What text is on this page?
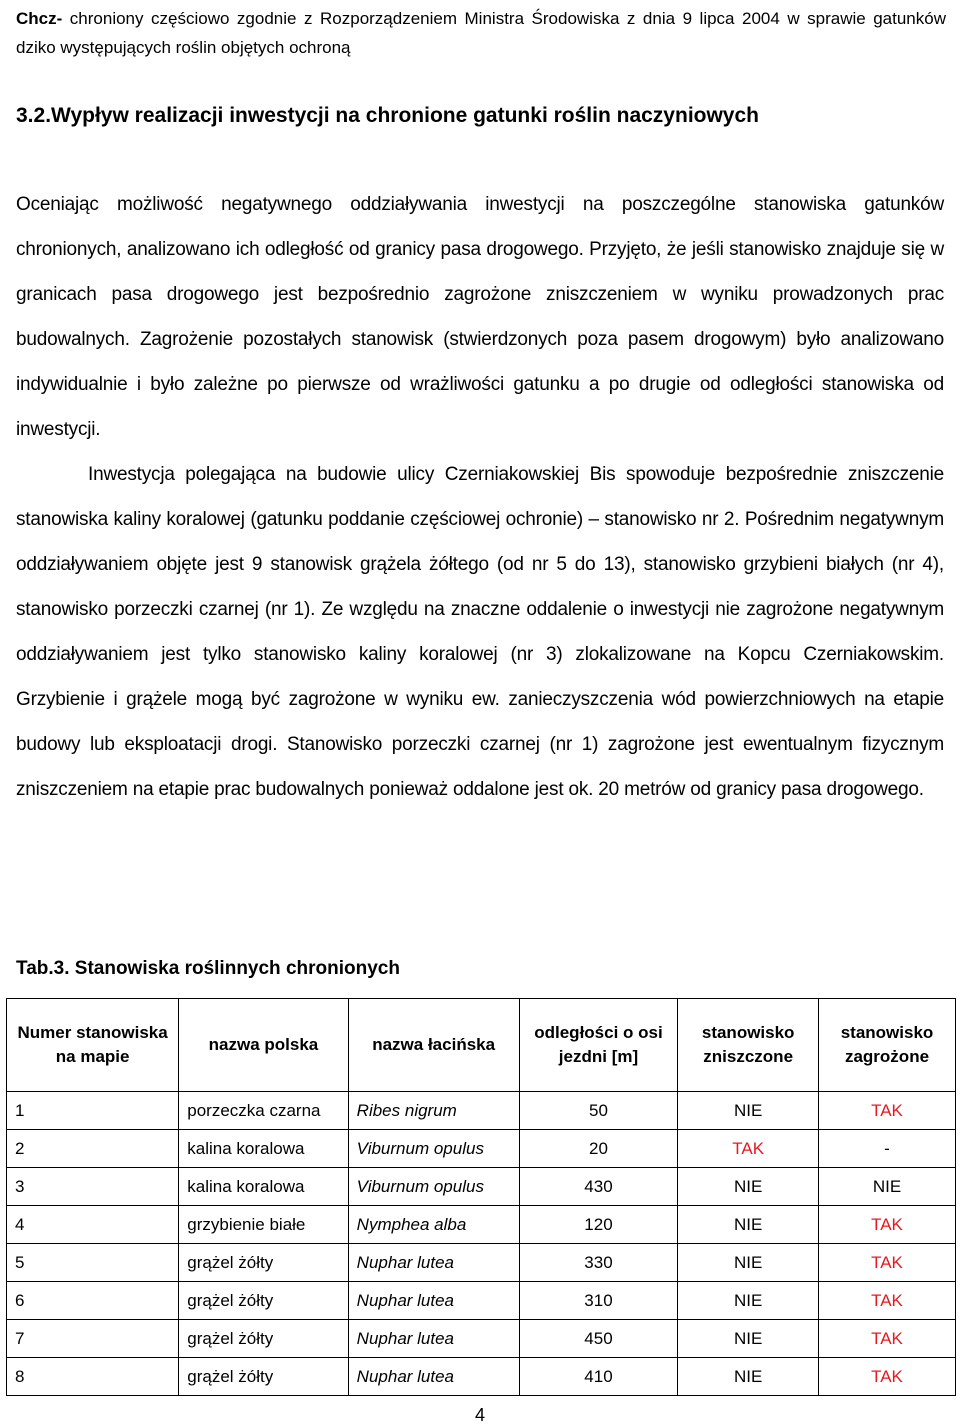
Chcz- chroniony częściowo zgodnie z Rozporządzeniem Ministra Środowiska z dnia 9 lipca 2004 w sprawie gatunków dziko występujących roślin objętych ochroną
3.2.Wypływ realizacji inwestycji na chronione gatunki roślin naczyniowych

Oceniając możliwość negatywnego oddziaływania inwestycji na poszczególne stanowiska gatunków chronionych, analizowano ich odległość od granicy pasa drogowego. Przyjęto, że jeśli stanowisko znajduje się w granicach pasa drogowego jest bezpośrednio zagrożone zniszczeniem w wyniku prowadzonych prac budowalnych. Zagrożenie pozostałych stanowisk (stwierdzonych poza pasem drogowym) było analizowano indywidualnie i było zależne po pierwsze od wrażliwości gatunku a po drugie od odległości stanowiska od inwestycji.

Inwestycja polegająca na budowie ulicy Czerniakowskiej Bis spowoduje bezpośrednie zniszczenie stanowiska kaliny koralowej (gatunku poddanie częściowej ochronie) – stanowisko nr 2. Pośrednim negatywnym oddziaływaniem objęte jest 9 stanowisk grążela żółtego (od nr 5 do 13), stanowisko grzybieni białych (nr 4), stanowisko porzeczki czarnej (nr 1). Ze względu na znaczne oddalenie o inwestycji nie zagrożone negatywnym oddziaływaniem jest tylko stanowisko kaliny koralowej (nr 3) zlokalizowane na Kopcu Czerniakowskim. Grzybienie i grążele mogą być zagrożone w wyniku ew. zanieczyszczenia wód powierzchniowych na etapie budowy lub eksploatacji drogi. Stanowisko porzeczki czarnej (nr 1) zagrożone jest ewentualnym fizycznym zniszczeniem na etapie prac budowalnych ponieważ oddalone jest ok. 20 metrów od granicy pasa drogowego.

Tab.3. Stanowiska roślinnych chronionych
Numer stanowiska na mapie	nazwa polska	nazwa łacińska	odległości o osi jezdni [m]	stanowisko zniszczone	stanowisko zagrożone
1	porzeczka czarna	Ribes nigrum	50	NIE	TAK
2	kalina koralowa	Viburnum opulus	20	TAK	-
3	kalina koralowa	Viburnum opulus	430	NIE	NIE
4	grzybienie białe	Nymphea alba	120	NIE	TAK
5	grążel żółty	Nuphar lutea	330	NIE	TAK
6	grążel żółty	Nuphar lutea	310	NIE	TAK
7	grążel żółty	Nuphar lutea	450	NIE	TAK
8	grążel żółty	Nuphar lutea	410	NIE	TAK
4
